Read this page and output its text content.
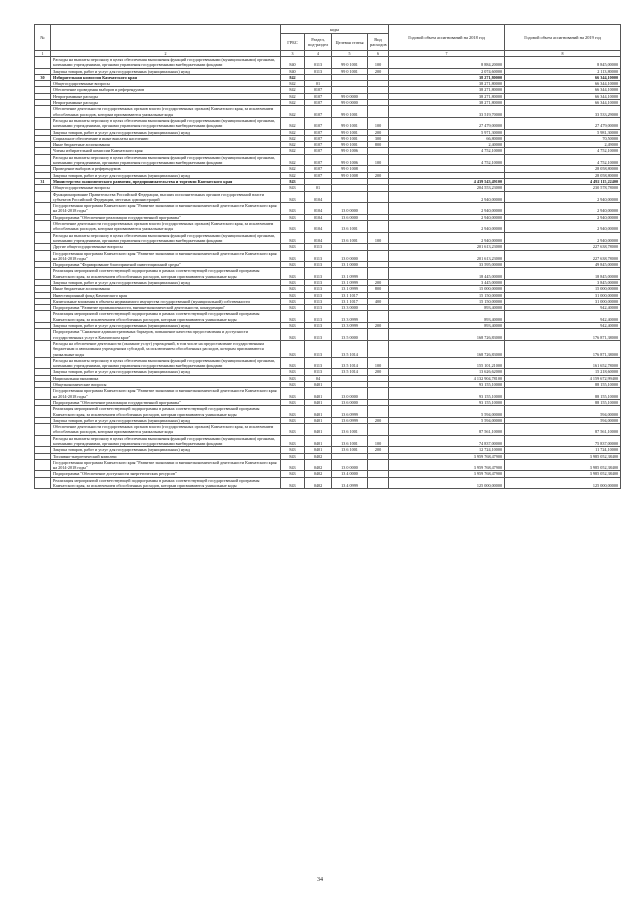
№		коды				Годовой объем ассигнований на 2018 год	Годовой объем ассигнований на 2019 год
		ГРБС	Раздел, под-раздел	Целевая статья	Вид расходов		
1	2	3	4	5	6	7	8
	Расходы на выплаты персоналу в целях обеспечения выполнения функций государственными (муниципальными) органами, казенными учреждениями, органами управления государственными внебюджетными фондами	840	0113	99 0 1001	100	8 884,20000	8 845,00000
	Закупка товаров, работ и услуг для государственных (муниципальных) нужд	840	0113	99 0 1001	200	2 074,60000	2 113,80000
30	Избирательная комиссия Камчатского края	842				38 271,80000	66 344,10000
	Общегосударственные вопросы	842	01			38 271,80000	66 344,10000
	Обеспечение проведения выборов и референдумов	842	0107			38 271,80000	66 344,10000
	Непрограммные расходы	842	0107	99 0 0000		38 271,80000	66 344,10000
	Непрограммные расходы	842	0107	99 0 0000		38 271,80000	66 344,10000
	Обеспечение деятельности государственных органов власти (государственных органов) Камчатского края, за исключением обособленных расходов, которым присваиваются уникальные коды	842	0107	99 0 1001		33 519,70000	33 533,29000
	Расходы на выплаты персоналу в целях обеспечения выполнения функций государственными (муниципальными) органами, казенными учреждениями, органами управления государственными внебюджетными фондами	842	0107	99 0 1001	100	27 479,00000	27 479,00000
	Закупка товаров, работ и услуг для государственных (муниципальных) нужд	842	0107	99 0 1001	200	5 971,30000	5 981,30000
	Социальное обеспечение и иные выплаты населению	842	0107	99 0 1001	300	66,80000	70,50000
	Иные бюджетные ассигнования	842	0107	99 0 1001	800	2,40000	2,49000
	Члены избирательной комиссии Камчатского края	842	0107	99 0 1006		4 752,10000	4 752,10000
	Расходы на выплаты персоналу в целях обеспечения выполнения функций государственными (муниципальными) органами, казенными учреждениями, органами управления государственными внебюджетными фондами	842	0107	99 0 1006	100	4 752,10000	4 752,10000
	Проведение выборов и референдумов	842	0107	99 0 1008			28 058,80000
	Закупка товаров, работ и услуг для государственных (муниципальных) нужд	842	0107	99 0 1008	200		28 058,80000
31	Министерство экономического развития, предпринимательства и торговли Камчатского края	843				4 439 543,49100	4 492 115,22400
	Общегосударственные вопросы	843	01			204 553,23000	230 578,78000
	Функционирование Правительства Российской Федерации, высших исполнительных органов государственной власти субъектов Российской Федерации, местных администраций	843	0104			2 940,00000	2 940,00000
	Государственная программа Камчатского края "Развитие экономики и внешнеэкономической деятельности Камчатского края на 2014-2018 годы"	843	0104	13 0 0000		2 940,00000	2 940,00000
	Подпрограмма "Обеспечение реализации государственной программы"	843	0104	13 6 0000		2 940,00000	2 940,00000
	Обеспечение деятельности государственных органов власти (государственных органов) Камчатского края, за исключением обособленных расходов, которым присваиваются уникальные коды	843	0104	13 6 1001		2 940,00000	2 940,00000
	Расходы на выплаты персоналу в целях обеспечения выполнения функций государственными (муниципальными) органами, казенными учреждениями, органами управления государственными внебюджетными фондами	843	0104	13 6 1001	100	2 940,00000	2 940,00000
	Другие общегосударственные вопросы	843	0113			201 613,23000	227 638,78000
	Государственная программа Камчатского края "Развитие экономики и внешнеэкономической деятельности Камчатского края на 2014-2018 годы"	843	0113	13 0 0000		201 613,23000	227 638,78000
	Подпрограмма "Формирование благоприятной инвестиционной среды"	843	0113	13 1 0000		33 595,00000	49 845,00000
	Реализация мероприятий соответствующей подпрограммы в рамках соответствующей государственной программы Камчатского края, за исключением обособленных расходов, которым присваиваются уникальные коды	843	0113	13 1 0999		18 445,00000	18 845,00000
	Закупка товаров, работ и услуг для государственных (муниципальных) нужд	843	0113	13 1 0999	200	3 445,00000	3 845,00000
	Иные бюджетные ассигнования	843	0113	13 1 0999	800	15 000,00000	15 000,00000
	Инвестиционный фонд Камчатского края	843	0113	13 1 1017		15 150,00000	31 000,00000
	Капитальные вложения в объекты недвижимого имущества государственной (муниципальной) собственности	843	0113	13 1 1017	400	15 150,00000	31 000,00000
	Подпрограмма "Развитие промышленности, внешнеэкономической деятельности, конкуренции"	843	0113	13 3 0000		893,40000	942,40000
	Реализация мероприятий соответствующей подпрограммы в рамках соответствующей государственной программы Камчатского края, за исключением обособленных расходов, которым присваиваются уникальные коды	843	0113	13 3 0999		893,40000	942,40000
	Закупка товаров, работ и услуг для государственных (муниципальных) нужд	843	0113	13 3 0999	200	893,40000	942,40000
	Подпрограмма "Снижение административных барьеров, повышение качества предоставления и доступности государственных услуг в Камчатском крае"	843	0113	13 5 0000		168 726,83000	176 871,38000
	Расходы на обеспечение деятельности (оказание услуг) учреждений, в том числе на предоставление государственным бюджетным и автономным учреждениям субсидий, за исключением обособленных расходов, которым присваиваются уникальные коды	843	0113	13 5 1014		168 726,83000	176 871,38000
	Расходы на выплаты персоналу в целях обеспечения выполнения функций государственными (муниципальными) органами, казенными учреждениями, органами управления государственными внебюджетными фондами	843	0113	13 5 1014	100	155 101,21000	161 652,78000
	Закупка товаров, работ и услуг для государственных (муниципальных) нужд	843	0113	13 5 1014	200	13 626,62000	15 218,60000
	Национальная экономика	843	04			4 132 904,78100	4 159 672,99400
	Общеэкономические вопросы	843	0401			93 155,10000	88 155,10000
	Государственная программа Камчатского края "Развитие экономики и внешнеэкономической деятельности Камчатского края на 2014-2018 годы"	843	0401	13 0 0000		93 155,10000	88 155,10000
	Подпрограмма "Обеспечение реализации государственной программы"	843	0401	13 6 0000		93 155,10000	88 155,10000
	Реализация мероприятий соответствующей подпрограммы в рамках соответствующей государственной программы Камчатского края, за исключением обособленных расходов, которым присваиваются уникальные коды	843	0401	13 6 0999		5 594,00000	594,00000
	Закупка товаров, работ и услуг для государственных (муниципальных) нужд	843	0401	13 6 0999	200	5 594,00000	594,00000
	Обеспечение деятельности государственных органов власти (государственных органов) Камчатского края, за исключением обособленных расходов, которым присваиваются уникальные коды	843	0401	13 6 1001		87 561,10000	87 561,10000
	Расходы на выплаты персоналу в целях обеспечения выполнения функций государственными (муниципальными) органами, казенными учреждениями, органами управления государственными внебюджетными фондами	843	0401	13 6 1001	100	74 837,00000	75 837,00000
	Закупка товаров, работ и услуг для государственных (муниципальных) нужд	843	0401	13 6 1001	200	12 724,10000	11 724,10000
	Топливно-энергетический комплекс	843	0402			3 959 768,47900	3 985 052,38400
	Государственная программа Камчатского края "Развитие экономики и внешнеэкономической деятельности Камчатского края на 2014-2018 годы"	843	0402	13 0 0000		3 959 768,47900	3 985 052,38400
	Подпрограмма "Обеспечение доступности энергетических ресурсов"	843	0402	13 4 0000		3 959 768,47900	3 985 052,38400
	Реализация мероприятий соответствующей подпрограммы в рамках соответствующей государственной программы Камчатского края, за исключением обособленных расходов, которым присваиваются уникальные коды	843	0402	13 4 0999		125 000,00000	125 000,00000
34
